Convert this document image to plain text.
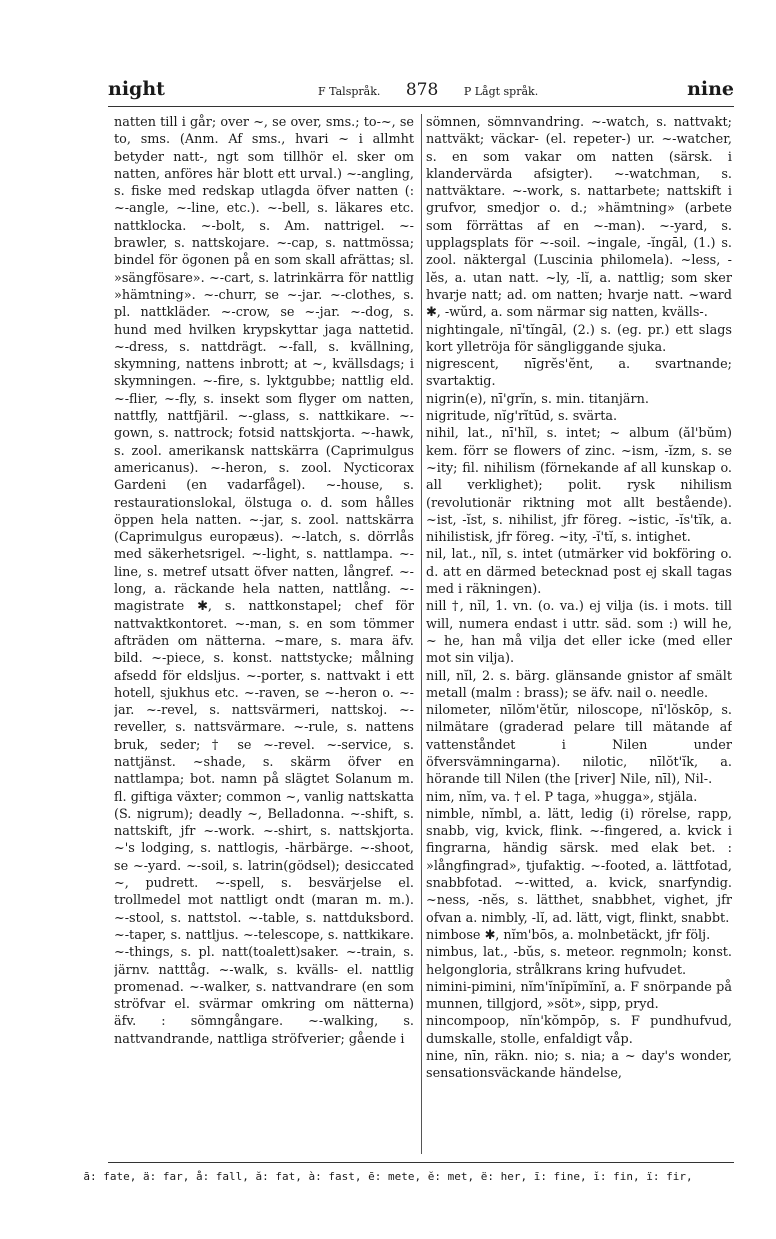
night	F Talspråk. 878 P Lågt språk.	nine

natten till i går; over ~, se over, sms.; to-~, se to, sms. (Anm. Af sms., hvari ~ i allmht betyder natt-, ngt som tillhör el. sker om natten, anföres här blott ett urval.) ~-angling, s. fiske med redskap utlagda öfver natten (: ~-angle, ~-line, etc.). ~-bell, s. läkares etc. nattklocka. ~-bolt, s. Am. nattrigel. ~-brawler, s. nattskojare. ~-cap, s. nattmössa; bindel för ögonen på en som skall afrättas; sl. »sängfösare». ~-cart, s. latrinkärra för nattlig »hämtning». ~-churr, se ~-jar. ~-clothes, s. pl. nattkläder. ~-crow, se ~-jar. ~-dog, s. hund med hvilken krypskyttar jaga nattetid. ~-dress, s. nattdrägt. ~-fall, s. kvällning, skymning, nattens inbrott; at ~, kvällsdags; i skymningen. ~-fire, s. lyktgubbe; nattlig eld. ~-flier, ~-fly, s. insekt som flyger om natten, nattfly, nattfjäril. ~-glass, s. nattkikare. ~-gown, s. nattrock; fotsid nattskjorta. ~-hawk, s. zool. amerikansk nattskärra (Caprimulgus americanus). ~-heron, s. zool. Nycticorax Gardeni (en vadarfågel). ~-house, s. restaurationslokal, ölstuga o. d. som hålles öppen hela natten. ~-jar, s. zool. nattskärra (Caprimulgus europæus). ~-latch, s. dörrlås med säkerhetsrigel. ~-light, s. nattlampa. ~-line, s. metref utsatt öfver natten, långref. ~-long, a. räckande hela natten, nattlång. ~-magistrate ✱, s. nattkonstapel; chef för nattvaktkontoret. ~-man, s. en som tömmer afträden om nätterna. ~mare, s. mara äfv. bild. ~-piece, s. konst. nattstycke; målning afsedd för eldsljus. ~-porter, s. nattvakt i ett hotell, sjukhus etc. ~-raven, se ~-heron o. ~-jar. ~-revel, s. nattsvärmeri, nattskoj. ~-reveller, s. nattsvärmare. ~-rule, s. nattens bruk, seder; † se ~-revel. ~-service, s. nattjänst. ~shade, s. skärm öfver en nattlampa; bot. namn på slägtet Solanum m. fl. giftiga växter; common ~, vanlig nattskatta (S. nigrum); deadly ~, Belladonna. ~-shift, s. nattskift, jfr ~-work. ~-shirt, s. nattskjorta. ~'s lodging, s. nattlogis, -härbärge. ~-shoot, se ~-yard. ~-soil, s. latrin(gödsel); desiccated ~, pudrett. ~-spell, s. besvärjelse el. trollmedel mot nattligt ondt (maran m. m.). ~-stool, s. nattstol. ~-table, s. nattduksbord. ~-taper, s. nattljus. ~-telescope, s. nattkikare. ~-things, s. pl. natt(toalett)saker. ~-train, s. järnv. natttåg. ~-walk, s. kvälls- el. nattlig promenad. ~-walker, s. nattvandrare (en som ströfvar el. svärmar omkring om nätterna) äfv. : sömngångare. ~-walking, s. nattvandrande, nattliga ströfverier; gående i

sömnen, sömnvandring. ~-watch, s. nattvakt; nattväkt; väckar- (el. repeter-) ur. ~-watcher, s. en som vakar om natten (särsk. i klandervärda afsigter). ~-watchman, s. nattväktare. ~-work, s. nattarbete; nattskift i grufvor, smedjor o. d.; »hämtning» (arbete som förrättas af en ~-man). ~-yard, s. upplagsplats för ~-soil. ~ingale, -ĭngāl, (1.) s. zool. näktergal (Luscinia philomela). ~less, -lĕs, a. utan natt. ~ly, -lĭ, a. nattlig; som sker hvarje natt; ad. om natten; hvarje natt. ~ward ✱, -wŭrd, a. som närmar sig natten, kvälls-.

nightingale, nī'tĭngāl, (2.) s. (eg. pr.) ett slags kort ylletröja för sängliggande sjuka.

nigrescent, nīgrĕs'ĕnt, a. svartnande; svartaktig.

nigrin(e), nī'grĭn, s. min. titanjärn.

nigritude, nĭg'rĭtūd, s. svärta.

nihil, lat., nī'hĭl, s. intet; ~ album (ăl'bŭm) kem. förr se flowers of zinc. ~ism, -ĭzm, s. se ~ity; fil. nihilism (förnekande af all kunskap o. all verklighet); polit. rysk nihilism (revolutionär riktning mot allt bestående). ~ist, -ĭst, s. nihilist, jfr föreg. ~istic, -ĭs'tĭk, a. nihilistisk, jfr föreg. ~ity, -ĭ'tĭ, s. intighet.

nil, lat., nĭl, s. intet (utmärker vid bokföring o. d. att en därmed betecknad post ej skall tagas med i räkningen).

nill †, nĭl, 1. vn. (o. va.) ej vilja (is. i mots. till will, numera endast i uttr. säd. som :) will he, ~ he, han må vilja det eller icke (med eller mot sin vilja).

nill, nĭl, 2. s. bärg. glänsande gnistor af smält metall (malm : brass); se äfv. nail o. needle.

nilometer, nīlŏm'ĕtŭr, niloscope, nī'lŏskōp, s. nilmätare (graderad pelare till mätande af vattenståndet i Nilen under öfversvämningarna). nilotic, nīlŏt'ĭk, a. hörande till Nilen (the [river] Nile, nīl), Nil-.

nim, nĭm, va. † el. P taga, »hugga», stjäla.

nimble, nĭmbl, a. lätt, ledig (i) rörelse, rapp, snabb, vig, kvick, flink. ~-fingered, a. kvick i fingrarna, händig särsk. med elak bet. : »långfingrad», tjufaktig. ~-footed, a. lättfotad, snabbfotad. ~-witted, a. kvick, snarfyndig. ~ness, -nĕs, s. lätthet, snabbhet, vighet, jfr ofvan a. nimbly, -lĭ, ad. lätt, vigt, flinkt, snabbt.

nimbose ✱, nĭm'bōs, a. molnbetäckt, jfr följ.

nimbus, lat., -bŭs, s. meteor. regnmoln; konst. helgongloria, strålkrans kring hufvudet.

nimini-pimini, nĭm'ĭnĭpĭmĭnĭ, a. F snörpande på munnen, tillgjord, »söt», sipp, pryd.

nincompoop, nĭn'kŏmpōp, s. F pundhufvud, dumskalle, stolle, enfaldigt våp.

nine, nīn, räkn. nio; s. nia; a ~ day's wonder, sensationsväckande händelse,

ā: fate, ä: far, å: fall, ă: fat, à: fast, ē: mete, ĕ: met, ë: her, ī: fine, ĭ: fin, ï: fir,
